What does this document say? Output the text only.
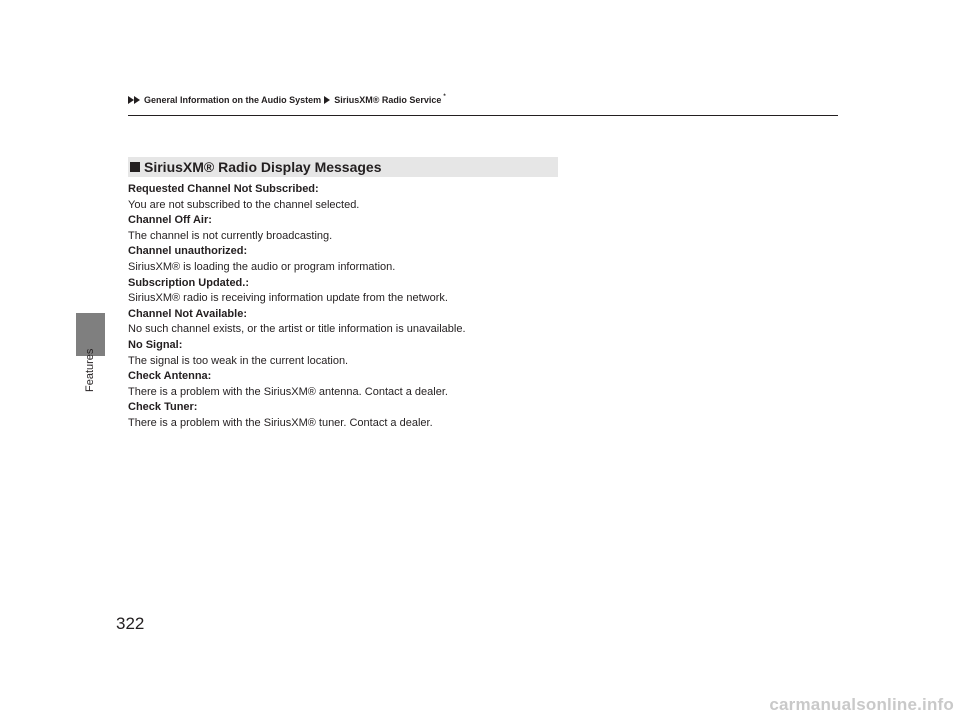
Features
General Information on the Audio System SiriusXM® Radio Service *
SiriusXM® Radio Display Messages
Requested Channel Not Subscribed:
You are not subscribed to the channel selected.
Channel Off Air:
The channel is not currently broadcasting.
Channel unauthorized:
SiriusXM® is loading the audio or program information.
Subscription Updated.:
SiriusXM® radio is receiving information update from the network.
Channel Not Available:
No such channel exists, or the artist or title information is unavailable.
No Signal:
The signal is too weak in the current location.
Check Antenna:
There is a problem with the SiriusXM® antenna. Contact a dealer.
Check Tuner:
There is a problem with the SiriusXM® tuner. Contact a dealer.
322
carmanualsonline.info
